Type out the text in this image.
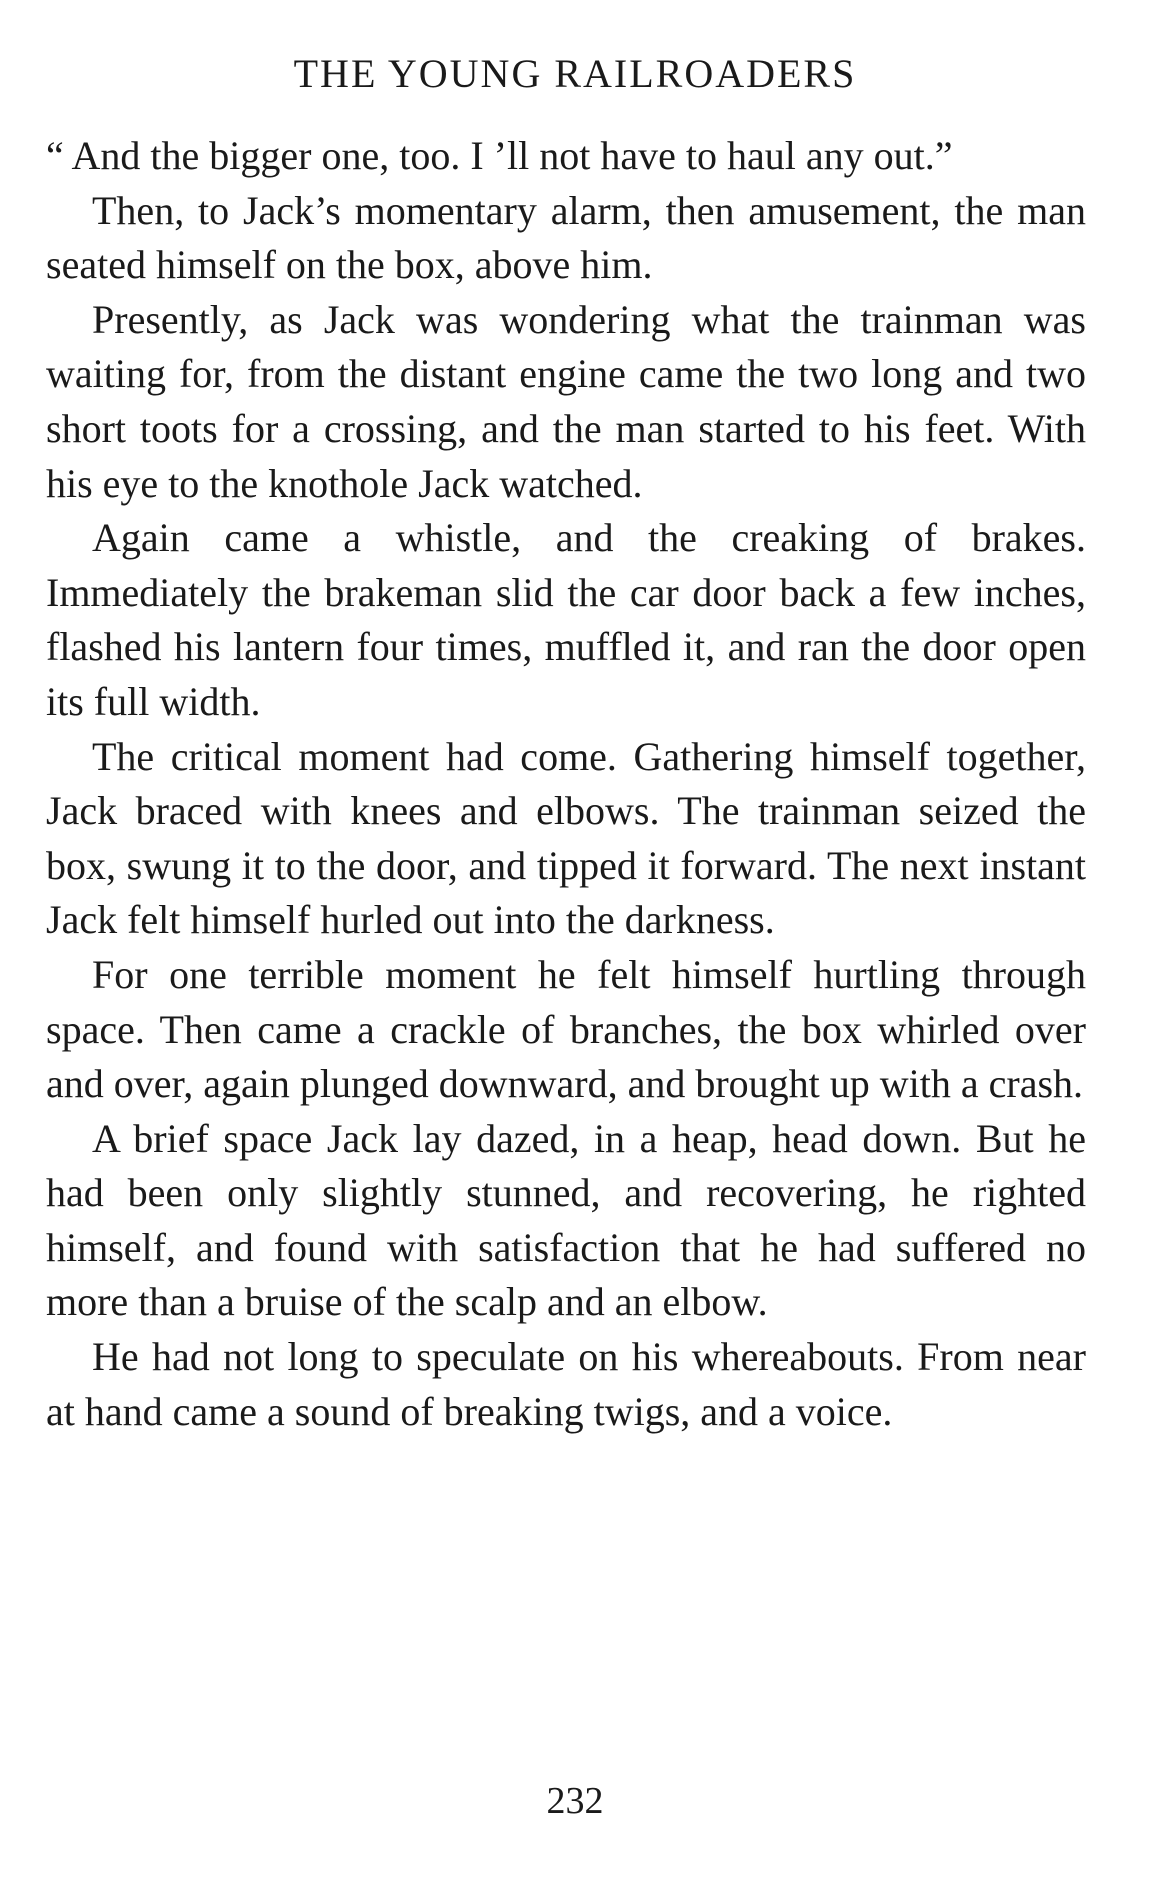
THE YOUNG RAILROADERS

“ And the bigger one, too. I ’ll not have to haul any out.”

Then, to Jack’s momentary alarm, then amusement, the man seated himself on the box, above him.

Presently, as Jack was wondering what the trainman was waiting for, from the distant engine came the two long and two short toots for a crossing, and the man started to his feet. With his eye to the knothole Jack watched.

Again came a whistle, and the creaking of brakes. Immediately the brakeman slid the car door back a few inches, flashed his lantern four times, muffled it, and ran the door open its full width.

The critical moment had come. Gathering himself together, Jack braced with knees and elbows. The trainman seized the box, swung it to the door, and tipped it forward. The next instant Jack felt himself hurled out into the darkness.

For one terrible moment he felt himself hurtling through space. Then came a crackle of branches, the box whirled over and over, again plunged downward, and brought up with a crash.

A brief space Jack lay dazed, in a heap, head down. But he had been only slightly stunned, and recovering, he righted himself, and found with satisfaction that he had suffered no more than a bruise of the scalp and an elbow.

He had not long to speculate on his whereabouts. From near at hand came a sound of breaking twigs, and a voice.

232
